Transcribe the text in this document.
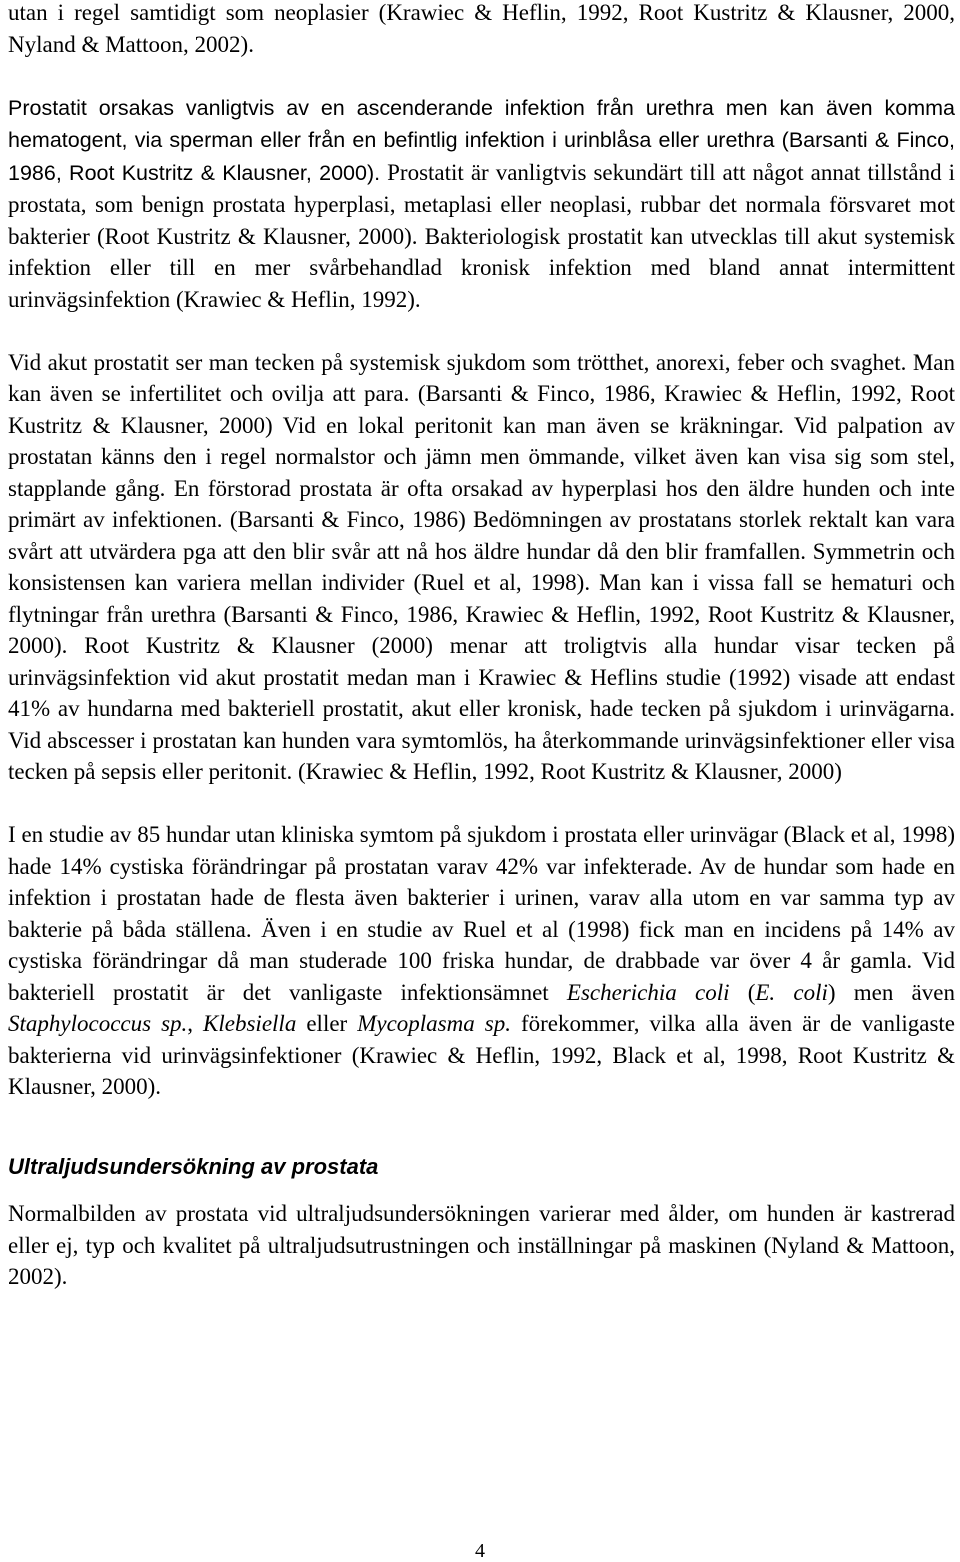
utan i regel samtidigt som neoplasier (Krawiec & Heflin, 1992, Root Kustritz & Klausner, 2000, Nyland & Mattoon, 2002).

Prostatit orsakas vanligtvis av en ascenderande infektion från urethra men kan även komma hematogent, via sperman eller från en befintlig infektion i urinblåsa eller urethra (Barsanti & Finco, 1986, Root Kustritz & Klausner, 2000). Prostatit är vanligtvis sekundärt till att något annat tillstånd i prostata, som benign prostata hyperplasi, metaplasi eller neoplasi, rubbar det normala försvaret mot bakterier (Root Kustritz & Klausner, 2000). Bakteriologisk prostatit kan utvecklas till akut systemisk infektion eller till en mer svårbehandlad kronisk infektion med bland annat intermittent urinvägsinfektion (Krawiec & Heflin, 1992).

Vid akut prostatit ser man tecken på systemisk sjukdom som trötthet, anorexi, feber och svaghet. Man kan även se infertilitet och ovilja att para. (Barsanti & Finco, 1986, Krawiec & Heflin, 1992, Root Kustritz & Klausner, 2000) Vid en lokal peritonit kan man även se kräkningar. Vid palpation av prostatan känns den i regel normalstor och jämn men ömmande, vilket även kan visa sig som stel, stapplande gång. En förstorad prostata är ofta orsakad av hyperplasi hos den äldre hunden och inte primärt av infektionen. (Barsanti & Finco, 1986) Bedömningen av prostatans storlek rektalt kan vara svårt att utvärdera pga att den blir svår att nå hos äldre hundar då den blir framfallen. Symmetrin och konsistensen kan variera mellan individer (Ruel et al, 1998). Man kan i vissa fall se hematuri och flytningar från urethra (Barsanti & Finco, 1986, Krawiec & Heflin, 1992, Root Kustritz & Klausner, 2000). Root Kustritz & Klausner (2000) menar att troligtvis alla hundar visar tecken på urinvägsinfektion vid akut prostatit medan man i Krawiec & Heflins studie (1992) visade att endast 41% av hundarna med bakteriell prostatit, akut eller kronisk, hade tecken på sjukdom i urinvägarna. Vid abscesser i prostatan kan hunden vara symtomlös, ha återkommande urinvägsinfektioner eller visa tecken på sepsis eller peritonit. (Krawiec & Heflin, 1992, Root Kustritz & Klausner, 2000)

I en studie av 85 hundar utan kliniska symtom på sjukdom i prostata eller urinvägar (Black et al, 1998) hade 14% cystiska förändringar på prostatan varav 42% var infekterade. Av de hundar som hade en infektion i prostatan hade de flesta även bakterier i urinen, varav alla utom en var samma typ av bakterie på båda ställena. Även i en studie av Ruel et al (1998) fick man en incidens på 14% av cystiska förändringar då man studerade 100 friska hundar, de drabbade var över 4 år gamla. Vid bakteriell prostatit är det vanligaste infektionsämnet Escherichia coli (E. coli) men även Staphylococcus sp., Klebsiella eller Mycoplasma sp. förekommer, vilka alla även är de vanligaste bakterierna vid urinvägsinfektioner (Krawiec & Heflin, 1992, Black et al, 1998, Root Kustritz & Klausner, 2000).

Ultraljudsundersökning av prostata

Normalbilden av prostata vid ultraljudsundersökningen varierar med ålder, om hunden är kastrerad eller ej, typ och kvalitet på ultraljudsutrustningen och inställningar på maskinen (Nyland & Mattoon, 2002).

4
